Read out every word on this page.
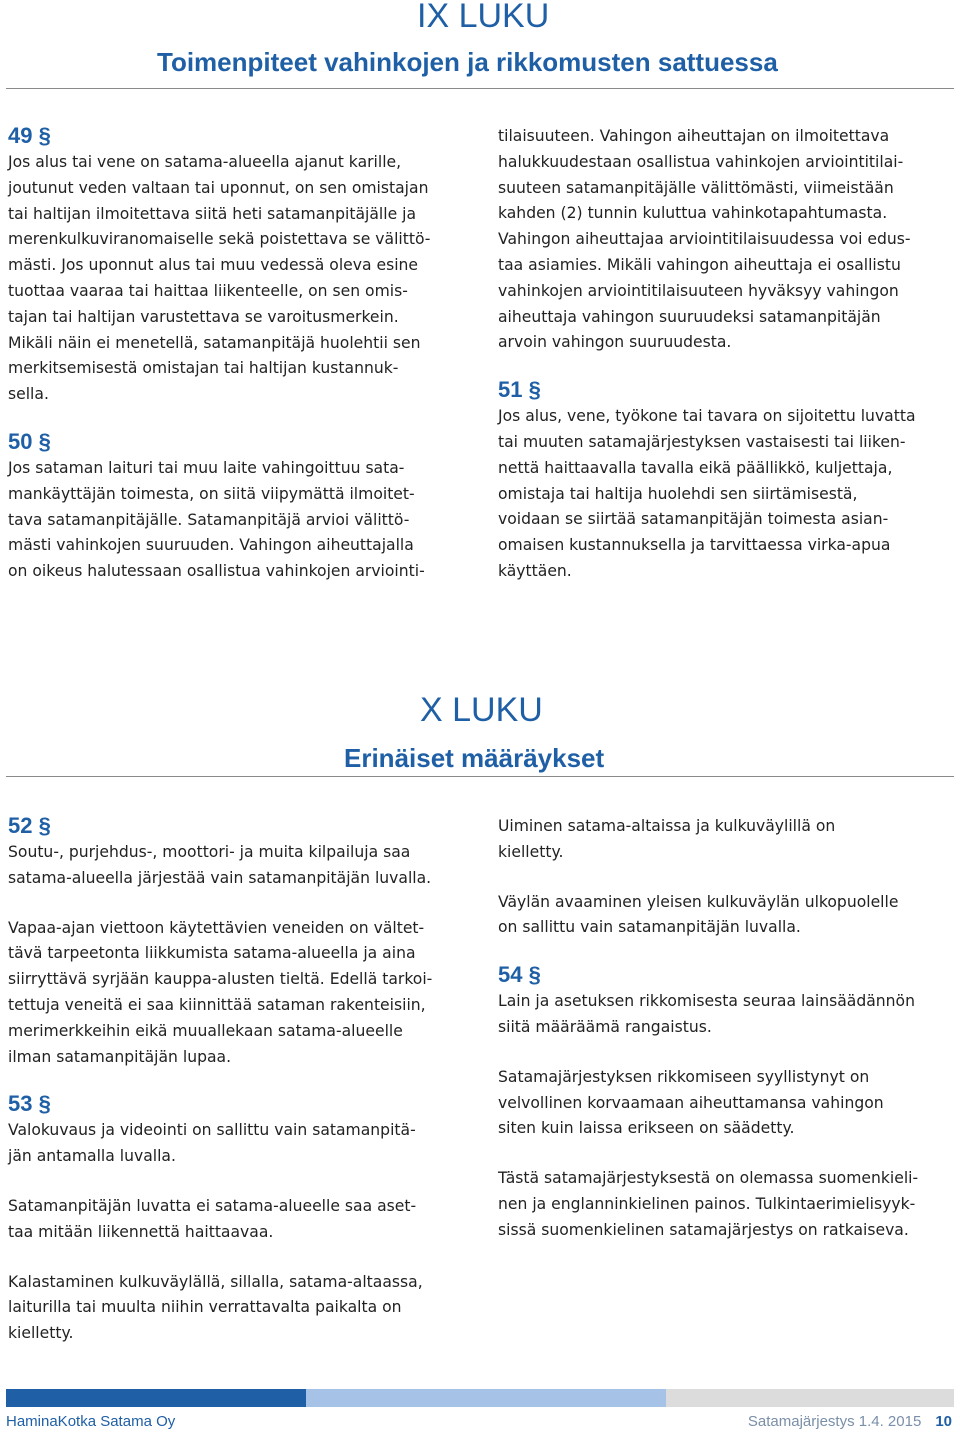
IX LUKU
Toimenpiteet vahinkojen ja rikkomusten sattuessa
49 §

Jos alus tai vene on satama-alueella ajanut karille,
joutunut veden valtaan tai uponnut, on sen omistajan
tai haltijan ilmoitettava siitä heti satamanpitäjälle ja
merenkulkuviranomaiselle sekä poistettava se välittö-
mästi. Jos uponnut alus tai muu vedessä oleva esine
tuottaa vaaraa tai haittaa liikenteelle, on sen omis-
tajan tai haltijan varustettava se varoitusmerkein.
Mikäli näin ei menetellä, satamanpitäjä huolehtii sen
merkitsemisestä omistajan tai haltijan kustannuk-
sella.

50 §

Jos sataman laituri tai muu laite vahingoittuu sata-
mankäyttäjän toimesta, on siitä viipymättä ilmoitet-
tava satamanpitäjälle. Satamanpitäjä arvioi välittö-
mästi vahinkojen suuruuden. Vahingon aiheuttajalla
on oikeus halutessaan osallistua vahinkojen arviointi-

tilaisuuteen. Vahingon aiheuttajan on ilmoitettava
halukkuudestaan osallistua vahinkojen arviointitilai-
suuteen satamanpitäjälle välittömästi, viimeistään
kahden (2) tunnin kuluttua vahinkotapahtumasta.
Vahingon aiheuttajaa arviointitilaisuudessa voi edus-
taa asiamies. Mikäli vahingon aiheuttaja ei osallistu
vahinkojen arviointitilaisuuteen hyväksyy vahingon
aiheuttaja vahingon suuruudeksi satamanpitäjän
arvoin vahingon suuruudesta.

51 §

Jos alus, vene, työkone tai tavara on sijoitettu luvatta
tai muuten satamajärjestyksen vastaisesti tai liiken-
nettä haittaavalla tavalla eikä päällikkö, kuljettaja,
omistaja tai haltija huolehdi sen siirtämisestä,
voidaan se siirtää satamanpitäjän toimesta asian-
omaisen kustannuksella ja tarvittaessa virka-apua
käyttäen.

X LUKU
Erinäiset määräykset
52 §

Soutu-, purjehdus-, moottori- ja muita kilpailuja saa
satama-alueella järjestää vain satamanpitäjän luvalla.

Vapaa-ajan viettoon käytettävien veneiden on vältet-
tävä tarpeetonta liikkumista satama-alueella ja aina
siirryttävä syrjään kauppa-alusten tieltä. Edellä tarkoi-
tettuja veneitä ei saa kiinnittää sataman rakenteisiin,
merimerkkeihin eikä muuallekaan satama-alueelle
ilman satamanpitäjän lupaa.

53 §

Valokuvaus ja videointi on sallittu vain satamanpitä-
jän antamalla luvalla.

Satamanpitäjän luvatta ei satama-alueelle saa aset-
taa mitään liikennettä haittaavaa.

Kalastaminen kulkuväylällä, sillalla, satama-altaassa,
laiturilla tai muulta niihin verrattavalta paikalta on
kielletty.

Uiminen satama-altaissa ja kulkuväylillä on
kielletty.

Väylän avaaminen yleisen kulkuväylän ulkopuolelle
on sallittu vain satamanpitäjän luvalla.

54 §

Lain ja asetuksen rikkomisesta seuraa lainsäädännön
siitä määräämä rangaistus.

Satamajärjestyksen rikkomiseen syyllistynyt on
velvollinen korvaamaan aiheuttamansa vahingon
siten kuin laissa erikseen on säädetty.

Tästä satamajärjestyksestä on olemassa suomenkieli-
nen ja englanninkielinen painos. Tulkintaerimielisyyk-
sissä suomenkielinen satamajärjestys on ratkaiseva.

HaminaKotka Satama Oy	Satamajärjestys 1.4. 2015 10
